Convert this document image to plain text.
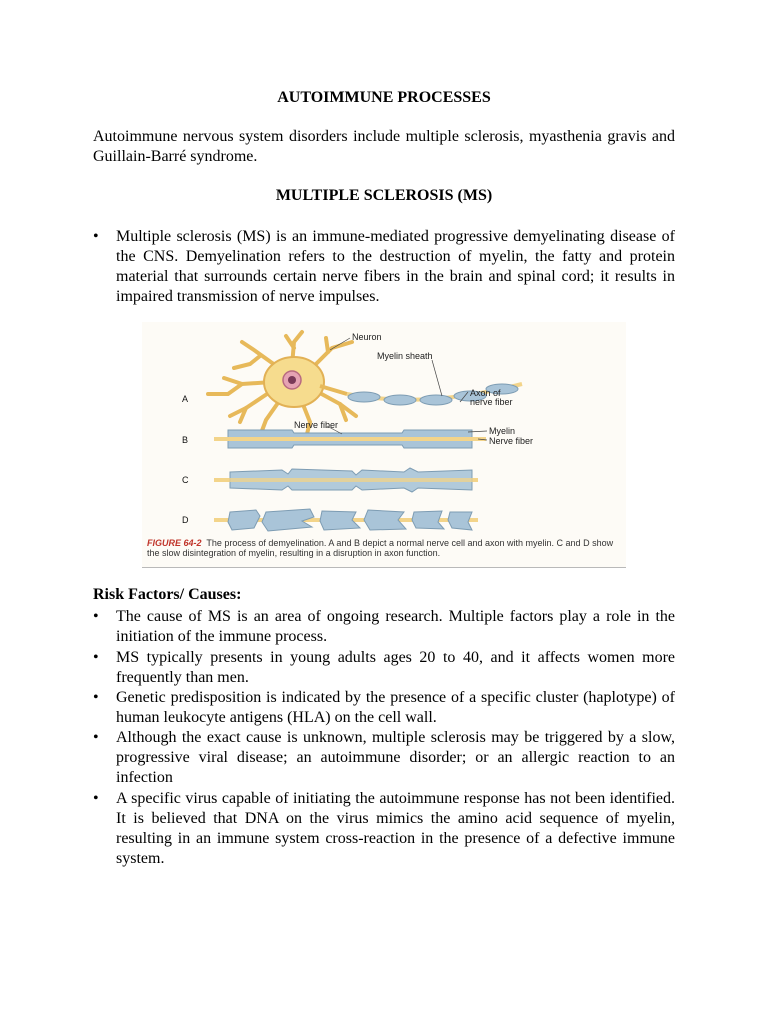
AUTOIMMUNE PROCESSES
Autoimmune nervous system disorders include multiple sclerosis, myasthenia gravis and Guillain-Barré syndrome.
MULTIPLE SCLEROSIS (MS)
•	Multiple sclerosis (MS) is an immune-mediated progressive demyelinating disease of the CNS. Demyelination refers to the destruction of myelin, the fatty and protein material that surrounds certain nerve fibers in the brain and spinal cord; it results in impaired transmission of nerve impulses.
Neuron
Myelin sheath
Axon of
nerve fiber
A
B
C
D
Nerve fiber
Myelin
Nerve fiber
FIGURE 64-2 The process of demyelination. A and B depict a normal nerve cell and axon with myelin. C and D show the slow disintegration of myelin, resulting in a disruption in axon function.
Risk Factors/ Causes:
•	The cause of MS is an area of ongoing research. Multiple factors play a role in the initiation of the immune process.
•	MS typically presents in young adults ages 20 to 40, and it affects women more frequently than men.
•	Genetic predisposition is indicated by the presence of a specific cluster (haplotype) of human leukocyte antigens (HLA) on the cell wall.
•	Although the exact cause is unknown, multiple sclerosis may be triggered by a slow, progressive viral disease; an autoimmune disorder; or an allergic reaction to an infection
•	A specific virus capable of initiating the autoimmune response has not been identified. It is believed that DNA on the virus mimics the amino acid sequence of myelin, resulting in an immune system cross-reaction in the presence of a defective immune system.
